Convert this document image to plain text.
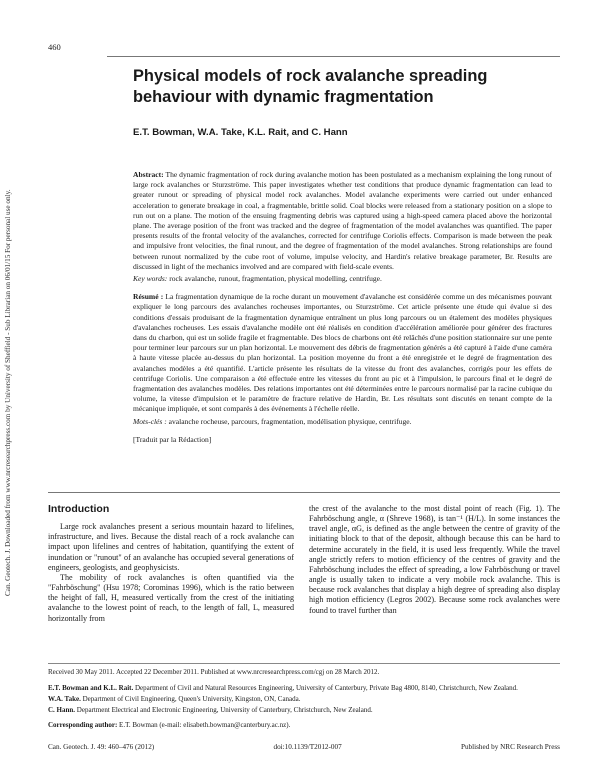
460
Can. Geotech. J. Downloaded from www.nrcresearchpress.com by University of Sheffield - Sub Librarian on 06/01/15 For personal use only.
Physical models of rock avalanche spreading behaviour with dynamic fragmentation
E.T. Bowman, W.A. Take, K.L. Rait, and C. Hann

Abstract: The dynamic fragmentation of rock during avalanche motion has been postulated as a mechanism explaining the long runout of large rock avalanches or Sturzströme. This paper investigates whether test conditions that produce dynamic fragmentation can lead to greater runout or spreading of physical model rock avalanches. Model avalanche experiments were carried out under enhanced acceleration to generate breakage in coal, a fragmentable, brittle solid. Coal blocks were released from a stationary position on a slope to run out on a plane. The motion of the ensuing fragmenting debris was captured using a high-speed camera placed above the horizontal plane. The average position of the front was tracked and the degree of fragmentation of the model avalanches was quantified. The paper presents results of the frontal velocity of the avalanches, corrected for centrifuge Coriolis effects. Comparison is made between the peak and impulsive front velocities, the final runout, and the degree of fragmentation of the model avalanches. Strong relationships are found between runout normalized by the cube root of volume, impulse velocity, and Hardin's relative breakage parameter, Br. Results are discussed in light of the mechanics involved and are compared with field-scale events.

Key words: rock avalanche, runout, fragmentation, physical modelling, centrifuge.

Résumé : La fragmentation dynamique de la roche durant un mouvement d'avalanche est considérée comme un des mécanismes pouvant expliquer le long parcours des avalanches rocheuses importantes, ou Sturzströme. Cet article présente une étude qui évalue si des conditions d'essais produisant de la fragmentation dynamique entraînent un plus long parcours ou un étalement des modèles physiques d'avalanches rocheuses. Les essais d'avalanche modèle ont été réalisés en condition d'accélération améliorée pour générer des fractures dans du charbon, qui est un solide fragile et fragmentable. Des blocs de charbons ont été relâchés d'une position stationnaire sur une pente pour terminer leur parcours sur un plan horizontal. Le mouvement des débris de fragmentation générés a été capturé à l'aide d'une caméra à haute vitesse placée au-dessus du plan horizontal. La position moyenne du front a été enregistrée et le degré de fragmentation des avalanches modèles a été quantifié. L'article présente les résultats de la vitesse du front des avalanches, corrigés pour les effets de centrifuge Coriolis. Une comparaison a été effectuée entre les vitesses du front au pic et à l'impulsion, le parcours final et le degré de fragmentation des avalanches modèles. Des relations importantes ont été déterminées entre le parcours normalisé par la racine cubique du volume, la vitesse d'impulsion et le paramètre de fracture relative de Hardin, Br. Les résultats sont discutés en tenant compte de la mécanique impliquée, et sont comparés à des événements à l'échelle réelle.

Mots-clés : avalanche rocheuse, parcours, fragmentation, modélisation physique, centrifuge.

[Traduit par la Rédaction]

Introduction

Large rock avalanches present a serious mountain hazard to lifelines, infrastructure, and lives. Because the distal reach of a rock avalanche can impact upon lifelines and centres of habitation, quantifying the extent of inundation or "runout" of an avalanche has occupied several generations of engineers, geologists, and geophysicists.

The mobility of rock avalanches is often quantified via the "Fahrböschung" (Hsu 1978; Corominas 1996), which is the ratio between the height of fall, H, measured vertically from the crest of the initiating avalanche to the lowest point of reach, to the length of fall, L, measured horizontally from

the crest of the avalanche to the most distal point of reach (Fig. 1). The Fahrböschung angle, α (Shreve 1968), is tan⁻¹ (H/L). In some instances the travel angle, αG, is defined as the angle between the centre of gravity of the initiating block to that of the deposit, although because this can be hard to determine accurately in the field, it is used less frequently. While the travel angle strictly refers to motion efficiency of the centres of gravity and the Fahrböschung includes the effect of spreading, a low Fahrböschung or travel angle is usually taken to indicate a very mobile rock avalanche. This is because rock avalanches that display a high degree of spreading also display high motion efficiency (Legros 2002). Because some rock avalanches were found to travel further than

Received 30 May 2011. Accepted 22 December 2011. Published at www.nrcresearchpress.com/cgj on 28 March 2012.

E.T. Bowman and K.L. Rait. Department of Civil and Natural Resources Engineering, University of Canterbury, Private Bag 4800, 8140, Christchurch, New Zealand.

W.A. Take. Department of Civil Engineering, Queen's University, Kingston, ON, Canada.

C. Hann. Department Electrical and Electronic Engineering, University of Canterbury, Christchurch, New Zealand.

Corresponding author: E.T. Bowman (e-mail: elisabeth.bowman@canterbury.ac.nz).

Can. Geotech. J. 49: 460–476 (2012)	doi:10.1139/T2012-007	Published by NRC Research Press
